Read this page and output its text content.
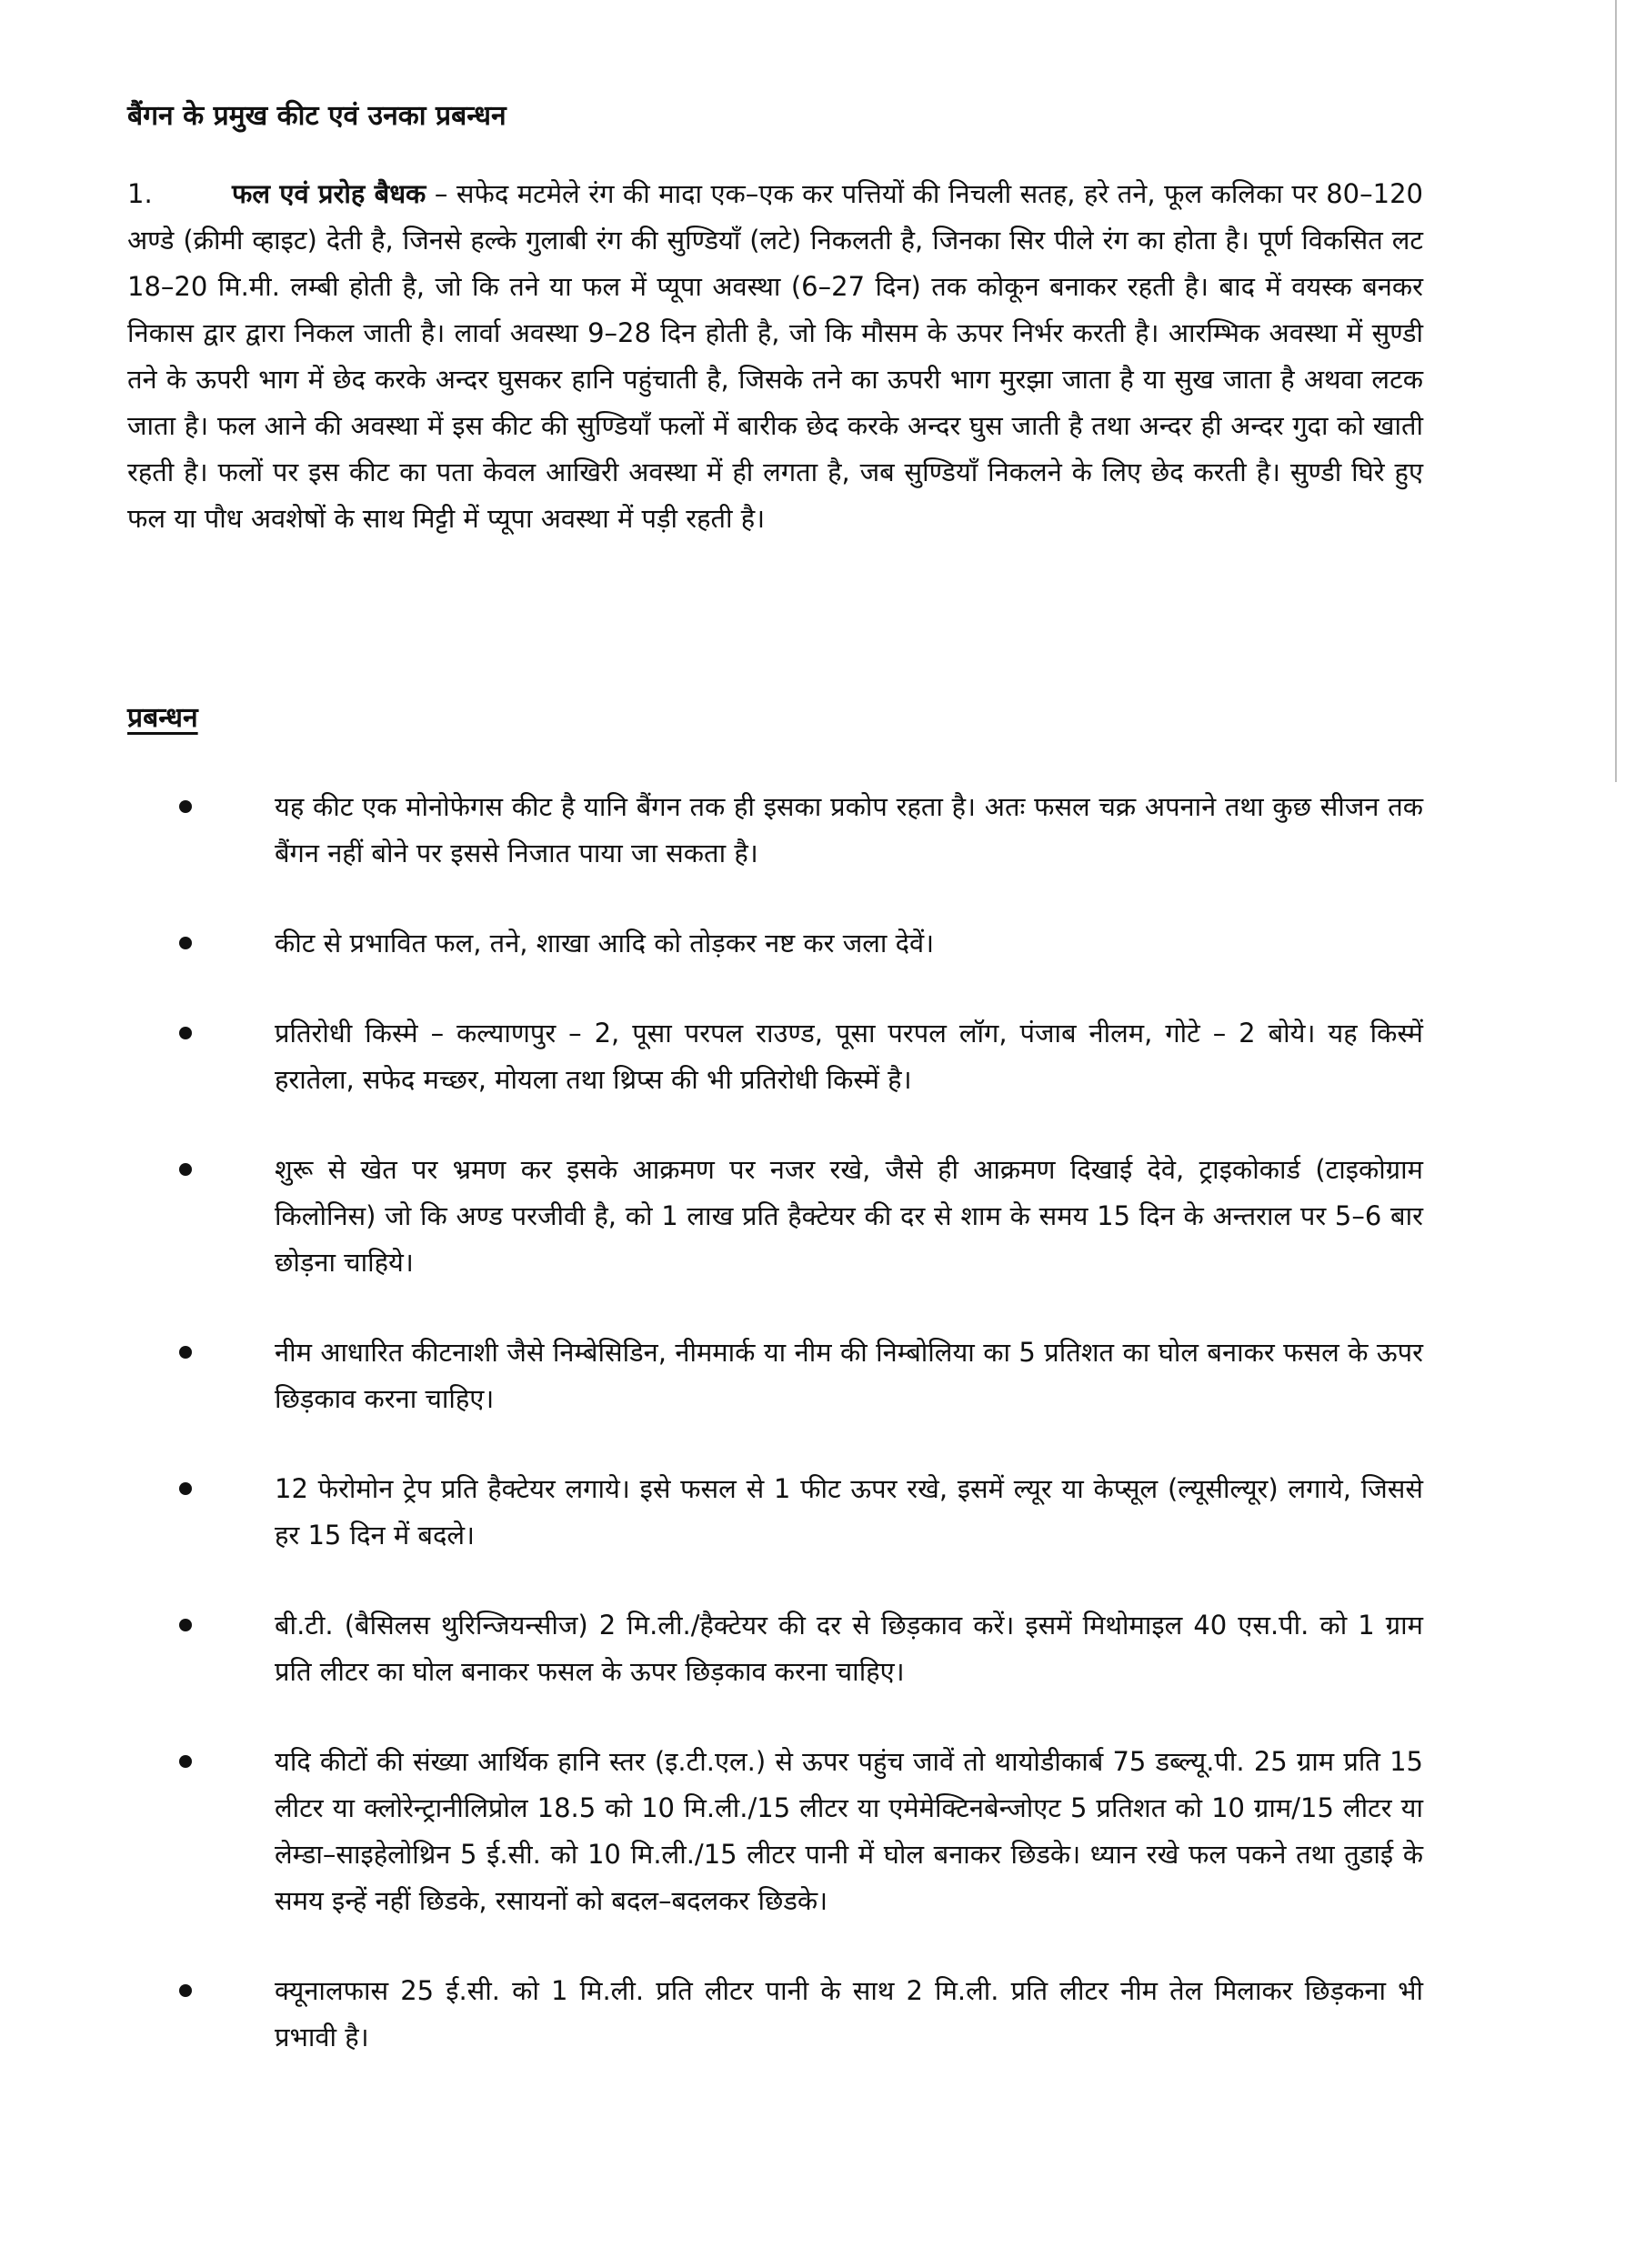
बैंगन के प्रमुख कीट एवं उनका प्रबन्धन
1.	फल एवं प्ररोह बैधक – सफेद मटमेले रंग की मादा एक–एक कर पत्तियों की निचली सतह, हरे तने, फूल कलिका पर 80–120 अण्डे (क्रीमी व्हाइट) देती है, जिनसे हल्के गुलाबी रंग की सुण्डियाँ (लटे) निकलती है, जिनका सिर पीले रंग का होता है। पूर्ण विकसित लट 18–20 मि.मी. लम्बी होती है, जो कि तने या फल में प्यूपा अवस्था (6–27 दिन) तक कोकून बनाकर रहती है। बाद में वयस्क बनकर निकास द्वार द्वारा निकल जाती है। लार्वा अवस्था 9–28 दिन होती है, जो कि मौसम के ऊपर निर्भर करती है। आरम्भिक अवस्था में सुण्डी तने के ऊपरी भाग में छेद करके अन्दर घुसकर हानि पहुंचाती है, जिसके तने का ऊपरी भाग मुरझा जाता है या सुख जाता है अथवा लटक जाता है। फल आने की अवस्था में इस कीट की सुण्डियाँ फलों में बारीक छेद करके अन्दर घुस जाती है तथा अन्दर ही अन्दर गुदा को खाती रहती है। फलों पर इस कीट का पता केवल आखिरी अवस्था में ही लगता है, जब सुण्डियाँ निकलने के लिए छेद करती है। सुण्डी घिरे हुए फल या पौध अवशेषों के साथ मिट्टी में प्यूपा अवस्था में पड़ी रहती है।
प्रबन्धन
यह कीट एक मोनोफेगस कीट है यानि बैंगन तक ही इसका प्रकोप रहता है। अतः फसल चक्र अपनाने तथा कुछ सीजन तक बैंगन नहीं बोने पर इससे निजात पाया जा सकता है।
कीट से प्रभावित फल, तने, शाखा आदि को तोड़कर नष्ट कर जला देवें।
प्रतिरोधी किस्मे – कल्याणपुर – 2, पूसा परपल राउण्ड, पूसा परपल लॉग, पंजाब नीलम, गोटे – 2 बोये। यह किस्में हरातेला, सफेद मच्छर, मोयला तथा थ्रिप्स की भी प्रतिरोधी किस्में है।
शुरू से खेत पर भ्रमण कर इसके आक्रमण पर नजर रखे, जैसे ही आक्रमण दिखाई देवे, ट्राइकोकार्ड (टाइकोग्राम किलोनिस) जो कि अण्ड परजीवी है, को 1 लाख प्रति हैक्टेयर की दर से शाम के समय 15 दिन के अन्तराल पर 5–6 बार छोड़ना चाहिये।
नीम आधारित कीटनाशी जैसे निम्बेसिडिन, नीममार्क या नीम की निम्बोलिया का 5 प्रतिशत का घोल बनाकर फसल के ऊपर छिड़काव करना चाहिए।
12 फेरोमोन ट्रेप प्रति हैक्टेयर लगाये। इसे फसल से 1 फीट ऊपर रखे, इसमें ल्यूर या केप्सूल (ल्यूसील्यूर) लगाये, जिससे हर 15 दिन में बदले।
बी.टी. (बैसिलस थुरिन्जियन्सीज) 2 मि.ली./हैक्टेयर की दर से छिड़काव करें। इसमें मिथोमाइल 40 एस.पी. को 1 ग्राम प्रति लीटर का घोल बनाकर फसल के ऊपर छिड़काव करना चाहिए।
यदि कीटों की संख्या आर्थिक हानि स्तर (इ.टी.एल.) से ऊपर पहुंच जावें तो थायोडीकार्ब 75 डब्ल्यू.पी. 25 ग्राम प्रति 15 लीटर या क्लोरेन्ट्रानीलिप्रोल 18.5 को 10 मि.ली./15 लीटर या एमेमेक्टिनबेन्जोएट 5 प्रतिशत को 10 ग्राम/15 लीटर या लेम्डा–साइहेलोथ्रिन 5 ई.सी. को 10 मि.ली./15 लीटर पानी में घोल बनाकर छिडके। ध्यान रखे फल पकने तथा तुडाई के समय इन्हें नहीं छिडके, रसायनों को बदल–बदलकर छिडके।
क्यूनालफास 25 ई.सी. को 1 मि.ली. प्रति लीटर पानी के साथ 2 मि.ली. प्रति लीटर नीम तेल मिलाकर छिड़कना भी प्रभावी है।
